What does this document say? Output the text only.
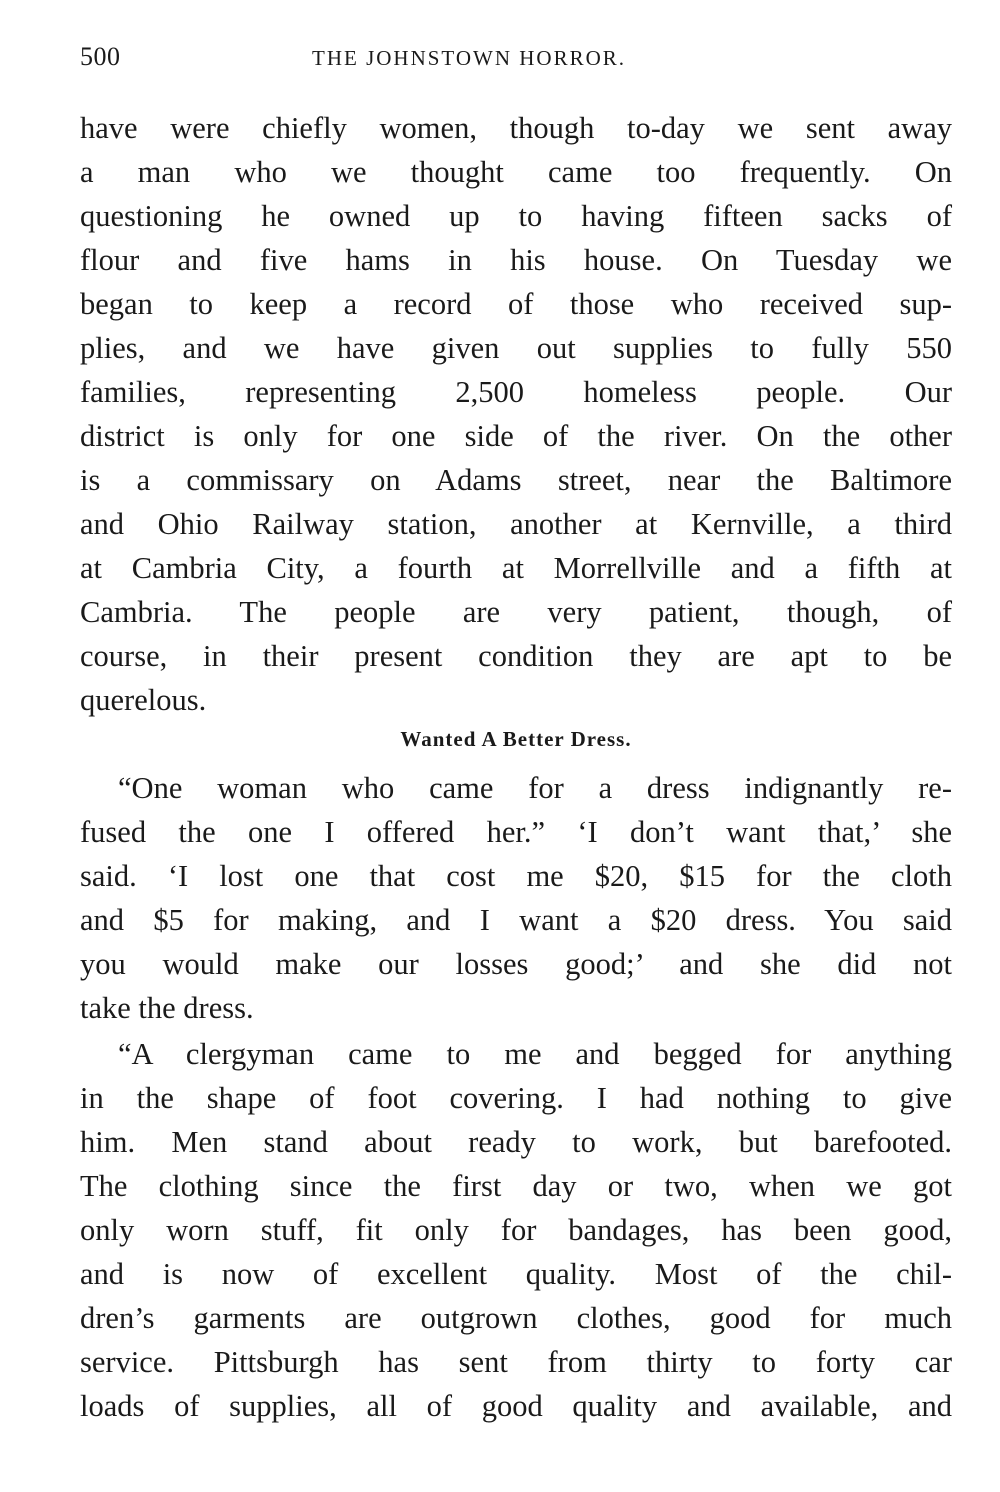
500	THE JOHNSTOWN HORROR.
have were chiefly women, though to-day we sent away
a man who we thought came too frequently. On
questioning he owned up to having fifteen sacks of
flour and five hams in his house. On Tuesday we
began to keep a record of those who received sup-
plies, and we have given out supplies to fully 550
families, representing 2,500 homeless people. Our
district is only for one side of the river. On the other
is a commissary on Adams street, near the Baltimore
and Ohio Railway station, another at Kernville, a third
at Cambria City, a fourth at Morrellville and a fifth at
Cambria. The people are very patient, though, of
course, in their present condition they are apt to be
querelous.
Wanted A Better Dress.
“One woman who came for a dress indignantly re-
fused the one I offered her.” ‘I don’t want that,’ she
said. ‘I lost one that cost me $20, $15 for the cloth
and $5 for making, and I want a $20 dress. You said
you would make our losses good;’ and she did not
take the dress.
“A clergyman came to me and begged for anything
in the shape of foot covering. I had nothing to give
him. Men stand about ready to work, but barefooted.
The clothing since the first day or two, when we got
only worn stuff, fit only for bandages, has been good,
and is now of excellent quality. Most of the chil-
dren’s garments are outgrown clothes, good for much
service. Pittsburgh has sent from thirty to forty car
loads of supplies, all of good quality and available, and
